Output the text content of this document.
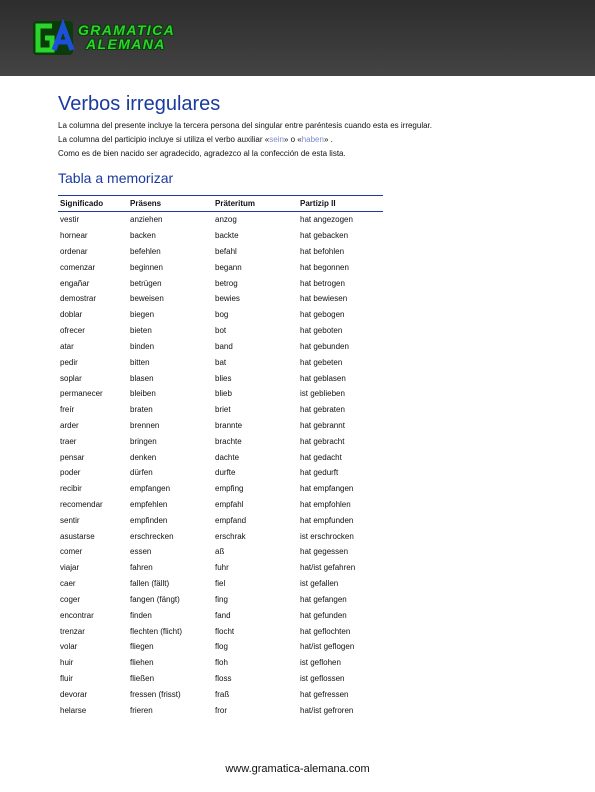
GRAMATICA
ALEMANA
Verbos irregulares

La columna del presente incluye la tercera persona del singular entre paréntesis cuando esta es irregular.

La columna del participio incluye si utiliza el verbo auxiliar «sein» o «haben» .

Como es de bien nacido ser agradecido, agradezco al la confección de esta lista.

Tabla a memorizar
Significado	Präsens	Präteritum	Partizip II
vestir	anziehen	anzog	hat angezogen
hornear	backen	backte	hat gebacken
ordenar	befehlen	befahl	hat befohlen
comenzar	beginnen	begann	hat begonnen
engañar	betrügen	betrog	hat betrogen
demostrar	beweisen	bewies	hat bewiesen
doblar	biegen	bog	hat gebogen
ofrecer	bieten	bot	hat geboten
atar	binden	band	hat gebunden
pedir	bitten	bat	hat gebeten
soplar	blasen	blies	hat geblasen
permanecer	bleiben	blieb	ist geblieben
freír	braten	briet	hat gebraten
arder	brennen	brannte	hat gebrannt
traer	bringen	brachte	hat gebracht
pensar	denken	dachte	hat gedacht
poder	dürfen	durfte	hat gedurft
recibir	empfangen	empfing	hat empfangen
recomendar	empfehlen	empfahl	hat empfohlen
sentir	empfinden	empfand	hat empfunden
asustarse	erschrecken	erschrak	ist erschrocken
comer	essen	aß	hat gegessen
viajar	fahren	fuhr	hat/ist gefahren
caer	fallen (fällt)	fiel	ist gefallen
coger	fangen (fängt)	fing	hat gefangen
encontrar	finden	fand	hat gefunden
trenzar	flechten (flicht)	flocht	hat geflochten
volar	fliegen	flog	hat/ist geflogen
huir	fliehen	floh	ist geflohen
fluir	fließen	floss	ist geflossen
devorar	fressen (frisst)	fraß	hat gefressen
helarse	frieren	fror	hat/ist gefroren
www.gramatica-alemana.com
